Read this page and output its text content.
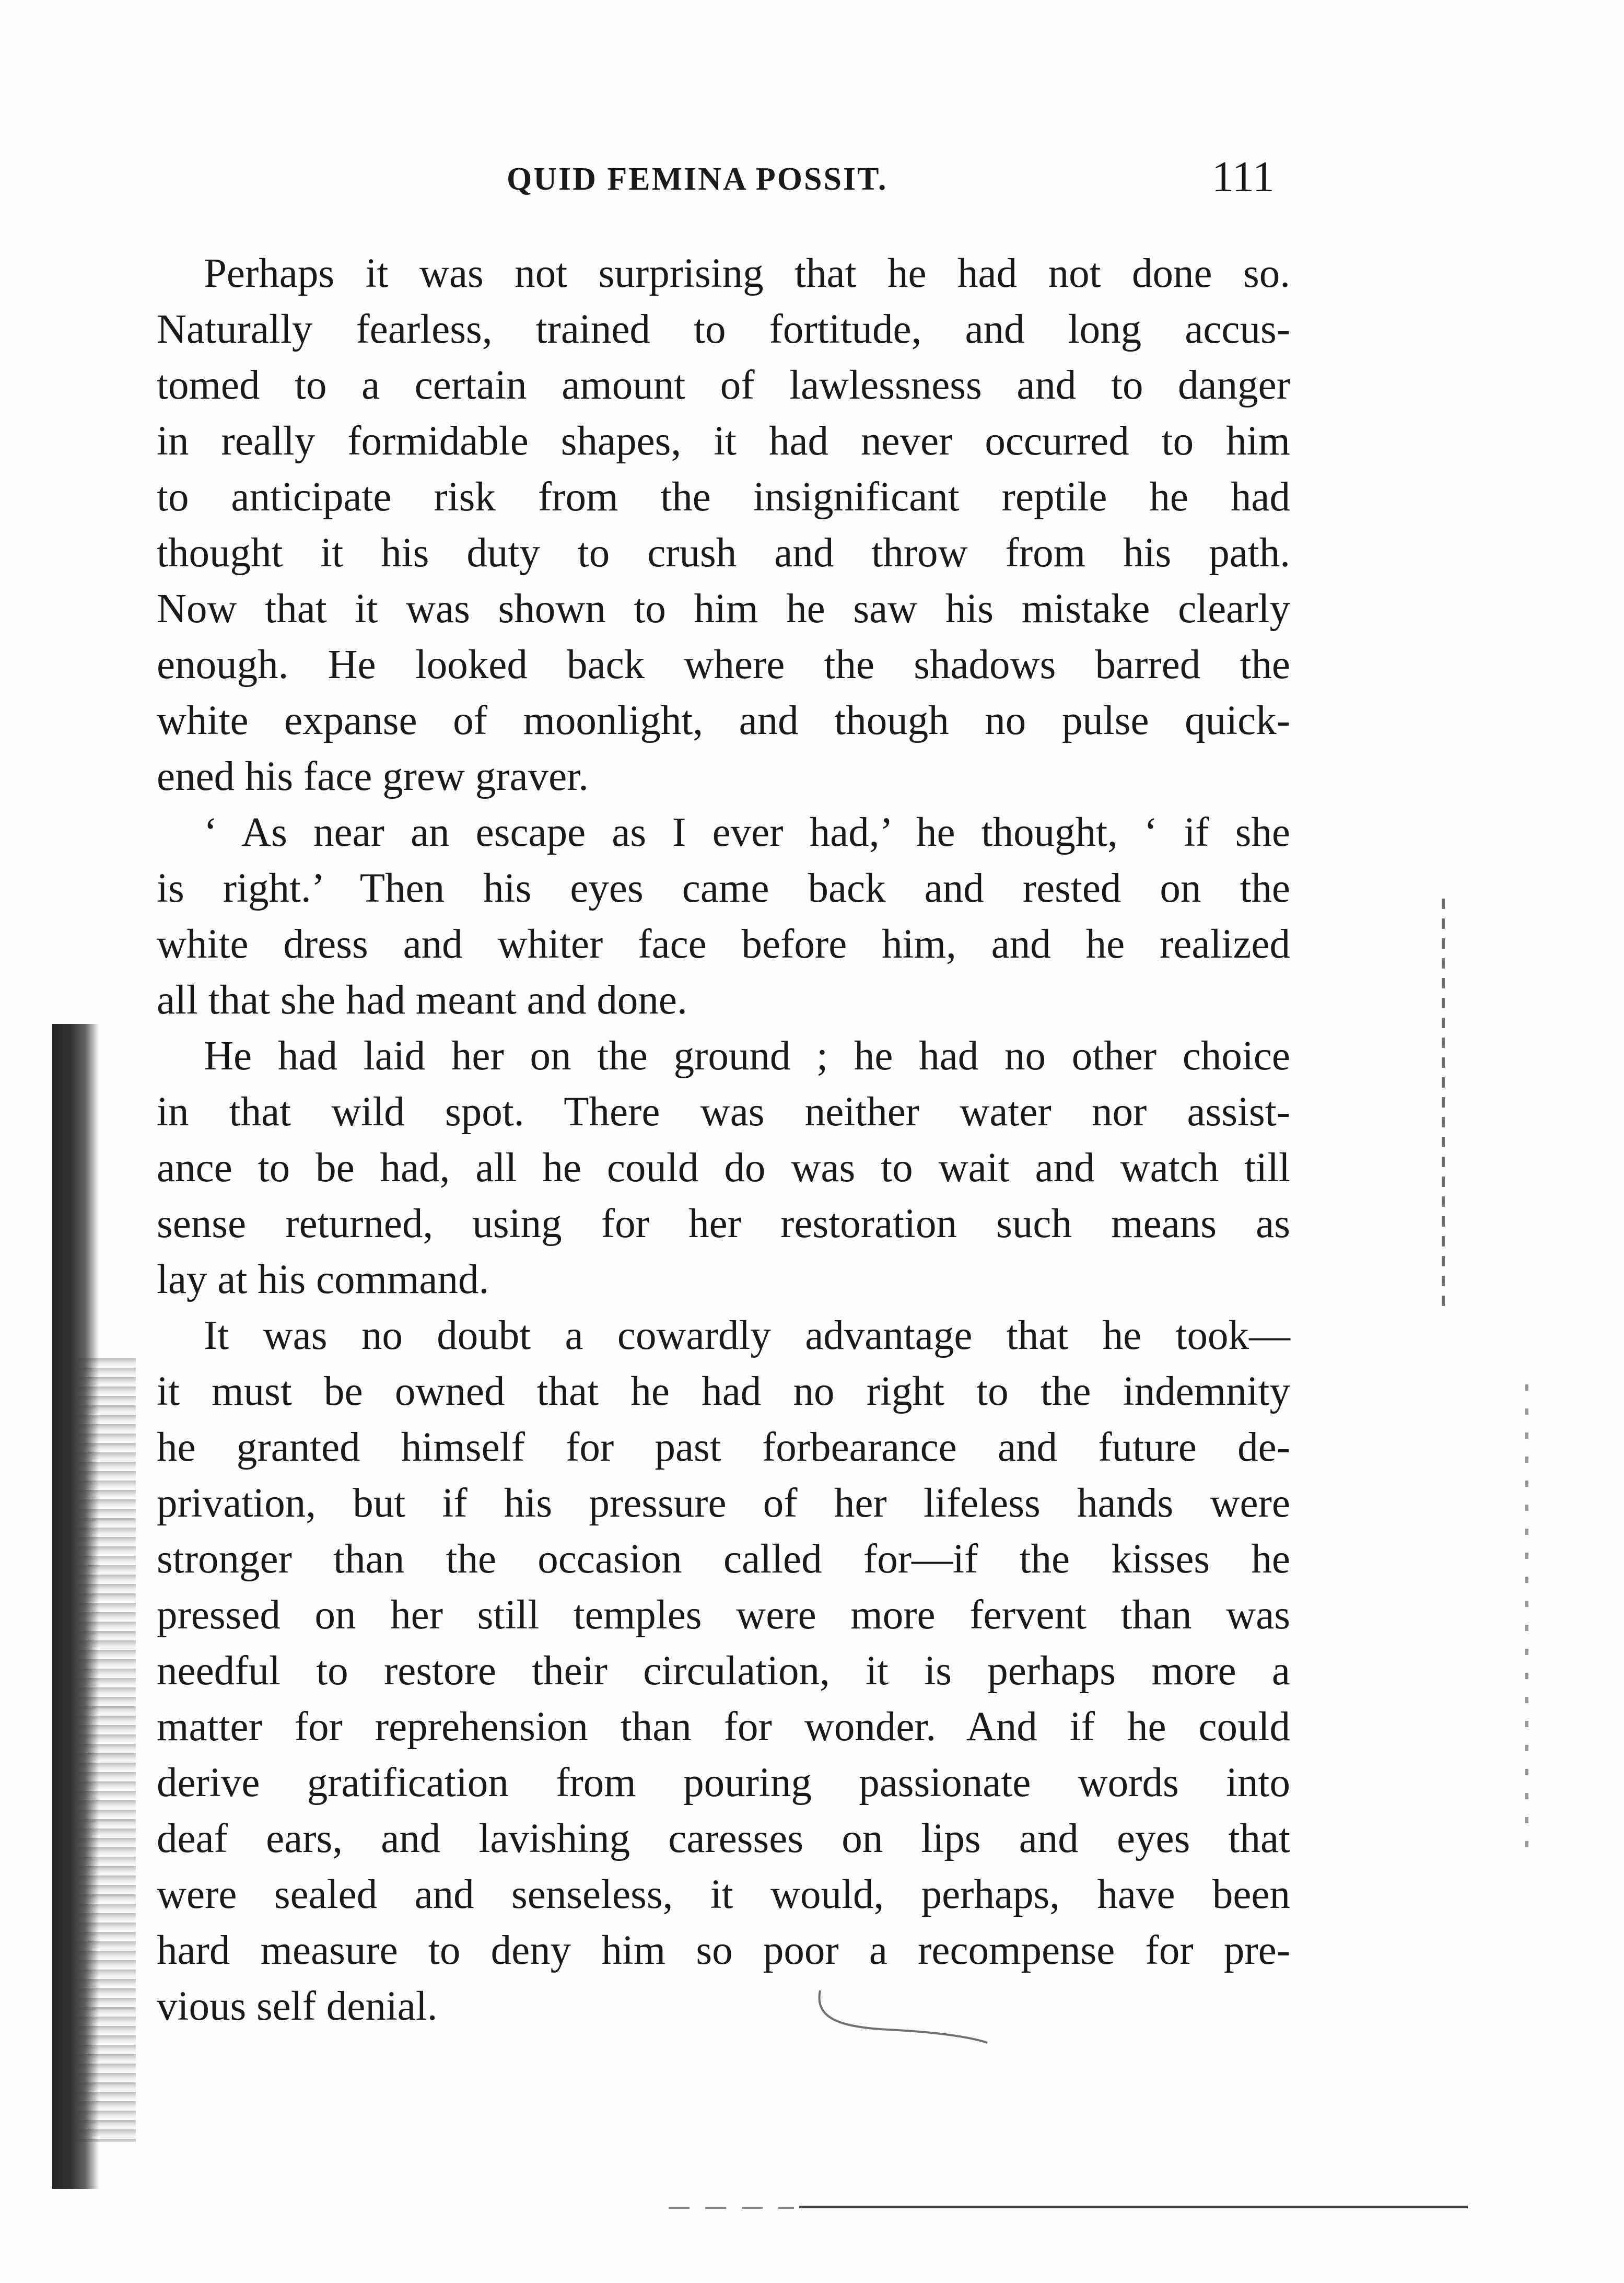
QUID FEMINA POSSIT.	111

Perhaps it was not surprising that he had not done so.
Naturally fearless, trained to fortitude, and long accus-
tomed to a certain amount of lawlessness and to danger
in really formidable shapes, it had never occurred to him
to anticipate risk from the insignificant reptile he had
thought it his duty to crush and throw from his path.
Now that it was shown to him he saw his mistake clearly
enough. He looked back where the shadows barred the
white expanse of moonlight, and though no pulse quick-
ened his face grew graver.

‘ As near an escape as I ever had,’ he thought, ‘ if she
is right.’ Then his eyes came back and rested on the
white dress and whiter face before him, and he realized
all that she had meant and done.

He had laid her on the ground ; he had no other choice
in that wild spot. There was neither water nor assist-
ance to be had, all he could do was to wait and watch till
sense returned, using for her restoration such means as
lay at his command.

It was no doubt a cowardly advantage that he took—
it must be owned that he had no right to the indemnity
he granted himself for past forbearance and future de-
privation, but if his pressure of her lifeless hands were
stronger than the occasion called for—if the kisses he
pressed on her still temples were more fervent than was
needful to restore their circulation, it is perhaps more a
matter for reprehension than for wonder. And if he could
derive gratification from pouring passionate words into
deaf ears, and lavishing caresses on lips and eyes that
were sealed and senseless, it would, perhaps, have been
hard measure to deny him so poor a recompense for pre-
vious self denial.
